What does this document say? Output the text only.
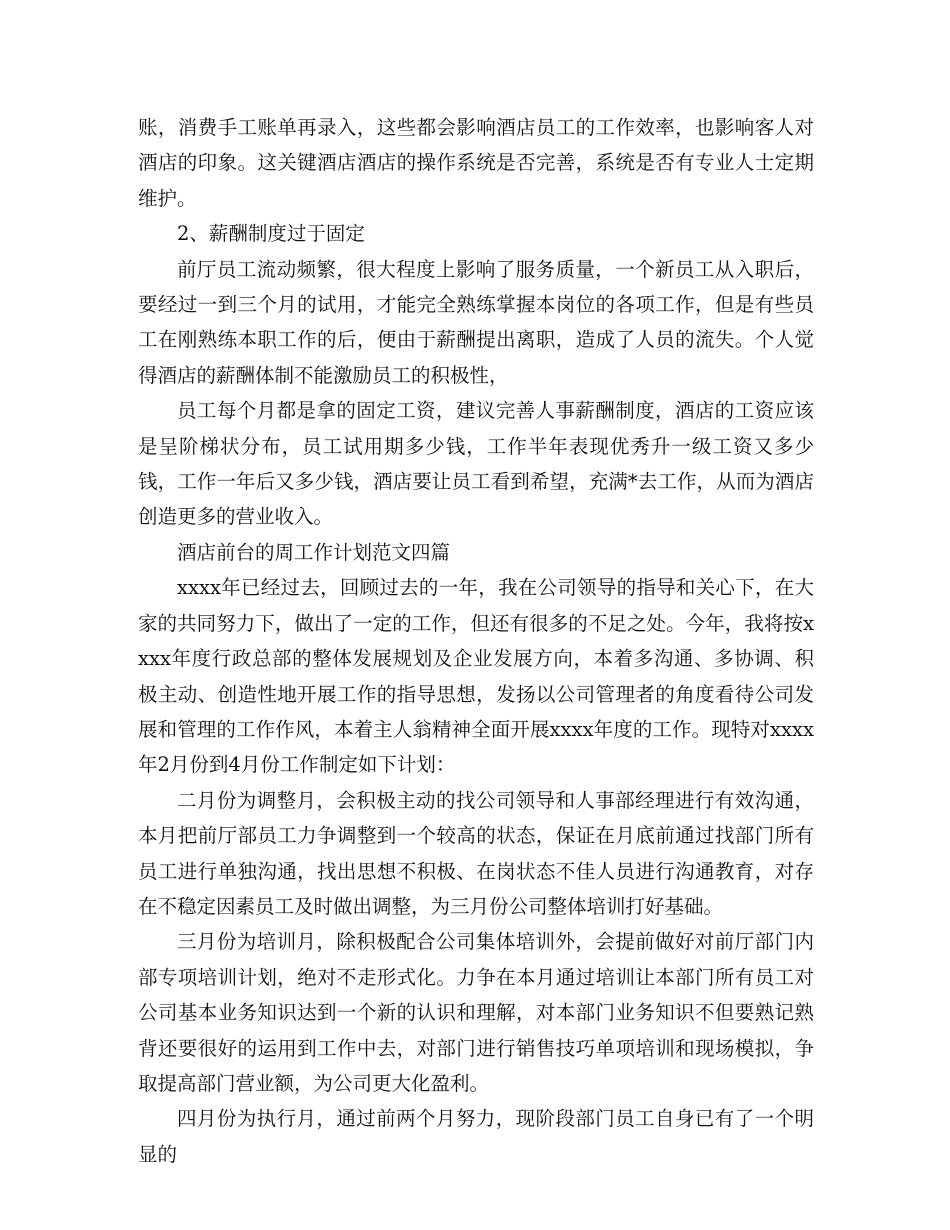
账，消费手工账单再录入，这些都会影响酒店员工的工作效率，也影响客人对酒店的印象。这关键酒店酒店的操作系统是否完善，系统是否有专业人士定期维护。

2、薪酬制度过于固定

前厅员工流动频繁，很大程度上影响了服务质量，一个新员工从入职后，要经过一到三个月的试用，才能完全熟练掌握本岗位的各项工作，但是有些员工在刚熟练本职工作的后，便由于薪酬提出离职，造成了人员的流失。个人觉得酒店的薪酬体制不能激励员工的积极性，

员工每个月都是拿的固定工资，建议完善人事薪酬制度，酒店的工资应该是呈阶梯状分布，员工试用期多少钱，工作半年表现优秀升一级工资又多少钱，工作一年后又多少钱，酒店要让员工看到希望，充满*去工作，从而为酒店创造更多的营业收入。

酒店前台的周工作计划范文四篇

xxxx年已经过去，回顾过去的一年，我在公司领导的指导和关心下，在大家的共同努力下，做出了一定的工作，但还有很多的不足之处。今年，我将按xxxx年度行政总部的整体发展规划及企业发展方向，本着多沟通、多协调、积极主动、创造性地开展工作的指导思想，发扬以公司管理者的角度看待公司发展和管理的工作作风，本着主人翁精神全面开展xxxx年度的工作。现特对xxxx年2月份到4月份工作制定如下计划：

二月份为调整月，会积极主动的找公司领导和人事部经理进行有效沟通，本月把前厅部员工力争调整到一个较高的状态，保证在月底前通过找部门所有员工进行单独沟通，找出思想不积极、在岗状态不佳人员进行沟通教育，对存在不稳定因素员工及时做出调整，为三月份公司整体培训打好基础。

三月份为培训月，除积极配合公司集体培训外，会提前做好对前厅部门内部专项培训计划，绝对不走形式化。力争在本月通过培训让本部门所有员工对公司基本业务知识达到一个新的认识和理解，对本部门业务知识不但要熟记熟背还要很好的运用到工作中去，对部门进行销售技巧单项培训和现场模拟，争取提高部门营业额，为公司更大化盈利。

四月份为执行月，通过前两个月努力，现阶段部门员工自身已有了一个明显的
